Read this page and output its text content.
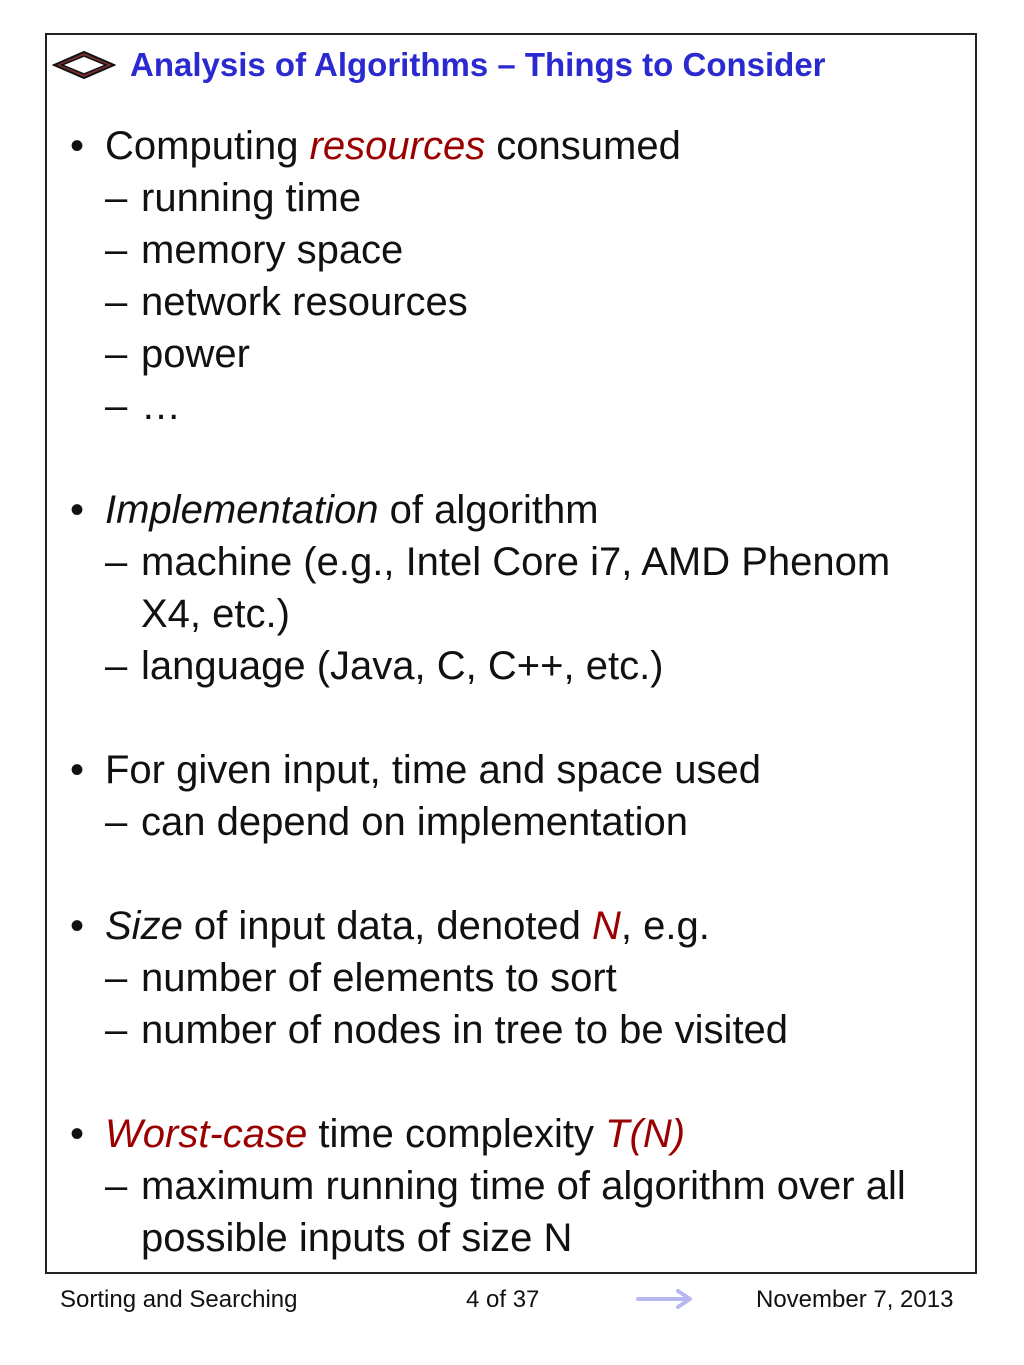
Analysis of Algorithms – Things to Consider
• Computing resources consumed
– running time
– memory space
– network resources
– power
– …
• Implementation of algorithm
– machine (e.g., Intel Core i7, AMD Phenom X4, etc.)
– language (Java, C, C++, etc.)
• For given input, time and space used
– can depend on implementation
• Size of input data, denoted N, e.g.
– number of elements to sort
– number of nodes in tree to be visited
• Worst-case time complexity T(N)
– maximum running time of algorithm over all possible inputs of size N
Sorting and Searching	4 of 37	November 7, 2013
